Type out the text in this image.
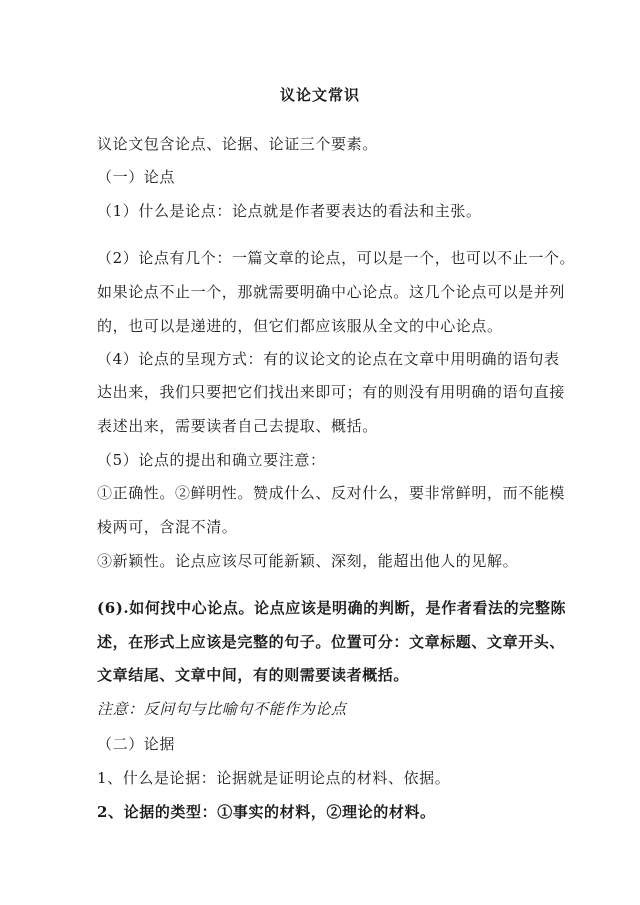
议论文常识
议论文包含论点、论据、论证三个要素。
（一）论点
（1）什么是论点：论点就是作者要表达的看法和主张。
（2）论点有几个：一篇文章的论点，可以是一个，也可以不止一个。
如果论点不止一个，那就需要明确中心论点。这几个论点可以是并列
的，也可以是递进的，但它们都应该服从全文的中心论点。
（4）论点的呈现方式：有的议论文的论点在文章中用明确的语句表
达出来，我们只要把它们找出来即可；有的则没有用明确的语句直接
表述出来，需要读者自己去提取、概括。
（5）论点的提出和确立要注意：
①正确性。②鲜明性。赞成什么、反对什么，要非常鲜明，而不能模
棱两可，含混不清。
③新颖性。论点应该尽可能新颖、深刻，能超出他人的见解。
(6).如何找中心论点。论点应该是明确的判断，是作者看法的完整陈
述，在形式上应该是完整的句子。位置可分：文章标题、文章开头、
文章结尾、文章中间，有的则需要读者概括。
注意：反问句与比喻句不能作为论点
（二）论据
1、什么是论据：论据就是证明论点的材料、依据。
2、论据的类型：①事实的材料，②理论的材料。
